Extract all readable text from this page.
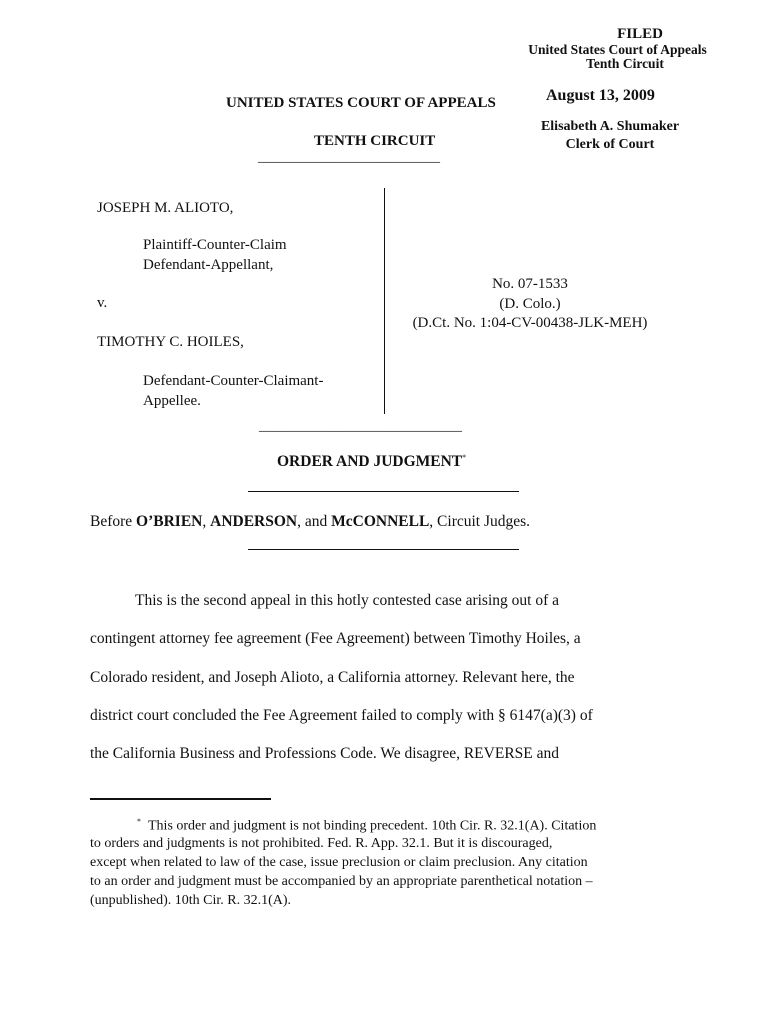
FILED
United States Court of Appeals
Tenth Circuit
August 13, 2009
Elisabeth A. Shumaker
Clerk of Court
UNITED STATES COURT OF APPEALS
TENTH CIRCUIT
__________________________
JOSEPH M. ALIOTO,
Plaintiff-Counter-Claim
Defendant-Appellant,
v.
TIMOTHY C. HOILES,
Defendant-Counter-Claimant-
Appellee.
No. 07-1533
(D. Colo.)
(D.Ct. No. 1:04-CV-00438-JLK-MEH)
_____________________________
ORDER AND JUDGMENT*
Before O’BRIEN, ANDERSON, and McCONNELL, Circuit Judges.
This is the second appeal in this hotly contested case arising out of a
contingent attorney fee agreement (Fee Agreement) between Timothy Hoiles, a
Colorado resident, and Joseph Alioto, a California attorney. Relevant here, the
district court concluded the Fee Agreement failed to comply with § 6147(a)(3) of
the California Business and Professions Code. We disagree, REVERSE and
* This order and judgment is not binding precedent. 10th Cir. R. 32.1(A). Citation
to orders and judgments is not prohibited. Fed. R. App. 32.1. But it is discouraged,
except when related to law of the case, issue preclusion or claim preclusion. Any citation
to an order and judgment must be accompanied by an appropriate parenthetical notation –
(unpublished). 10th Cir. R. 32.1(A).
